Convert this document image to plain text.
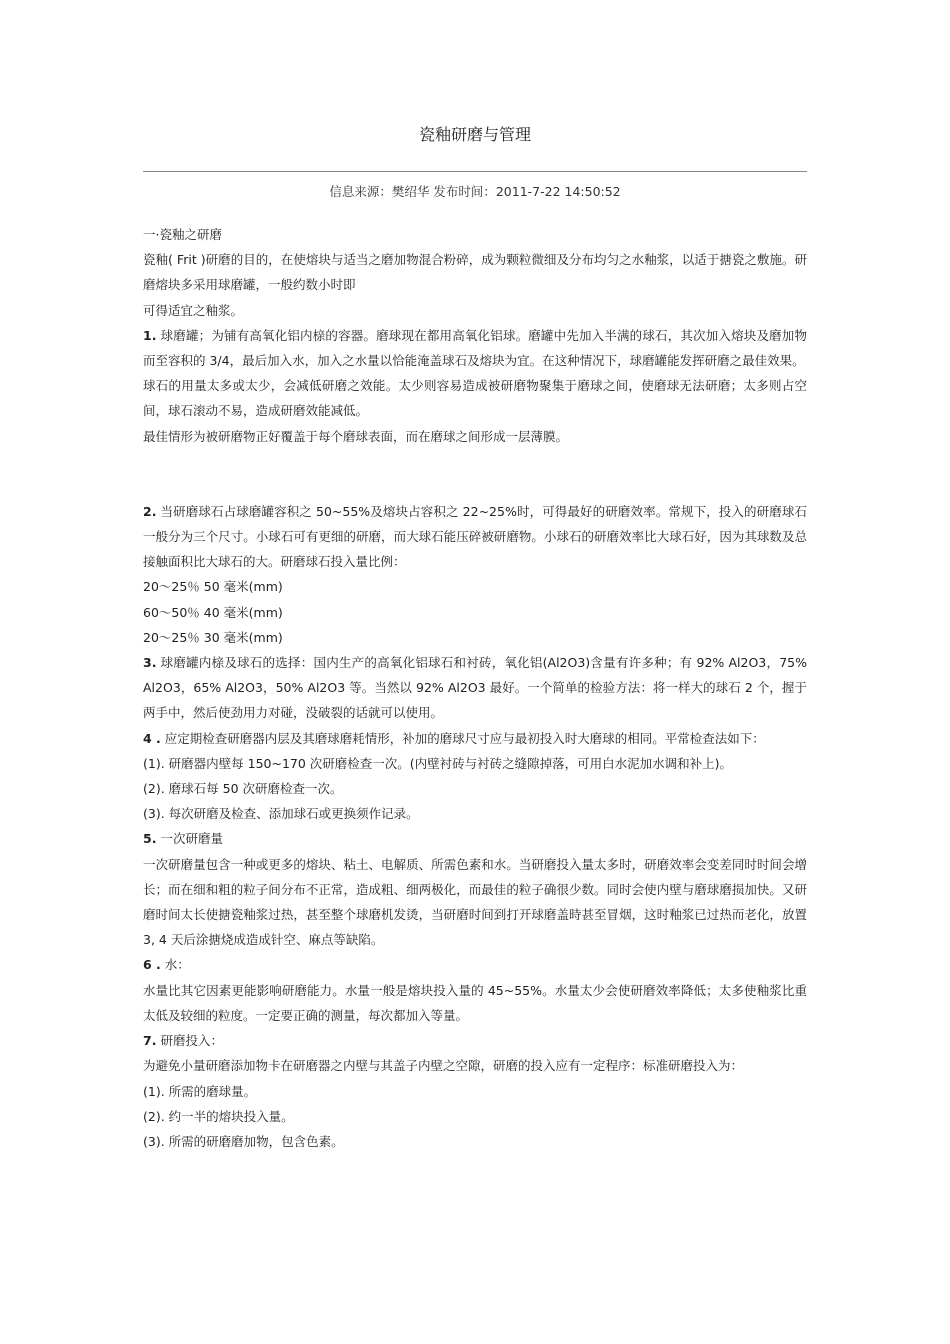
瓷釉研磨与管理
信息来源：樊绍华 发布时间：2011-7-22 14:50:52

一·瓷釉之研磨

瓷釉( Frit )研磨的目的，在使熔块与适当之磨加物混合粉碎，成为颗粒微细及分布均匀之水釉浆，以适于搪瓷之敷施。研磨熔块多采用球磨罐，一般约数小时即

可得适宜之釉浆。

1. 球磨罐；为铺有高氧化铝内榇的容器。磨球现在都用高氧化铝球。磨罐中先加入半满的球石，其次加入熔块及磨加物而至容积的 3/4，最后加入水，加入之水量以恰能淹盖球石及熔块为宜。在这种情况下，球磨罐能发挥研磨之最佳效果。

球石的用量太多或太少，会减低研磨之效能。太少则容易造成被研磨物聚集于磨球之间，使磨球无法研磨；太多则占空间，球石滚动不易，造成研磨效能减低。

最佳情形为被研磨物正好覆盖于每个磨球表面，而在磨球之间形成一层薄膜。

2. 当研磨球石占球磨罐容积之 50~55%及熔块占容积之 22~25%时，可得最好的研磨效率。常规下，投入的研磨球石一般分为三个尺寸。小球石可有更细的研磨，而大球石能压碎被研磨物。小球石的研磨效率比大球石好，因为其球数及总接触面积比大球石的大。研磨球石投入量比例：

20～25％ 50 毫米(mm)

60～50％ 40 毫米(mm)

20～25％ 30 毫米(mm)

3. 球磨罐内榇及球石的选择：国内生产的高氧化铝球石和衬砖，氧化铝(Al2O3)含量有许多种；有 92% Al2O3，75% Al2O3，65% Al2O3，50% Al2O3 等。当然以 92% Al2O3 最好。一个简单的检验方法：将一样大的球石 2 个，握于两手中，然后使劲用力对碰，没破裂的话就可以使用。

4 . 应定期检查研磨器内层及其磨球磨耗情形，补加的磨球尺寸应与最初投入时大磨球的相同。平常检查法如下：

(1). 研磨器内壁每 150~170 次研磨检查一次。(内壁衬砖与衬砖之缝隙掉落，可用白水泥加水调和补上)。

(2). 磨球石每 50 次研磨检查一次。

(3). 每次研磨及检查、添加球石或更换须作记录。

5. 一次研磨量

一次研磨量包含一种或更多的熔块、粘土、电解质、所需色素和水。当研磨投入量太多时，研磨效率会变差同时时间会增长；而在细和粗的粒子间分布不正常，造成粗、细两极化，而最佳的粒子确很少数。同时会使内壁与磨球磨损加快。又研磨时间太长使搪瓷釉浆过热，甚至整个球磨机发烫，当研磨时间到打开球磨盖時甚至冒烟，这时釉浆已过热而老化，放置 3, 4 天后涂搪烧成造成针空、麻点等缺陷。

6 . 水：

水量比其它因素更能影响研磨能力。水量一般是熔块投入量的 45~55%。水量太少会使研磨效率降低；太多使釉浆比重太低及较细的粒度。一定要正确的测量，每次都加入等量。

7. 研磨投入：

为避免小量研磨添加物卡在研磨器之内壁与其盖子内壁之空隙，研磨的投入应有一定程序：标准研磨投入为：

(1). 所需的磨球量。

(2). 约一半的熔块投入量。

(3). 所需的研磨磨加物，包含色素。
